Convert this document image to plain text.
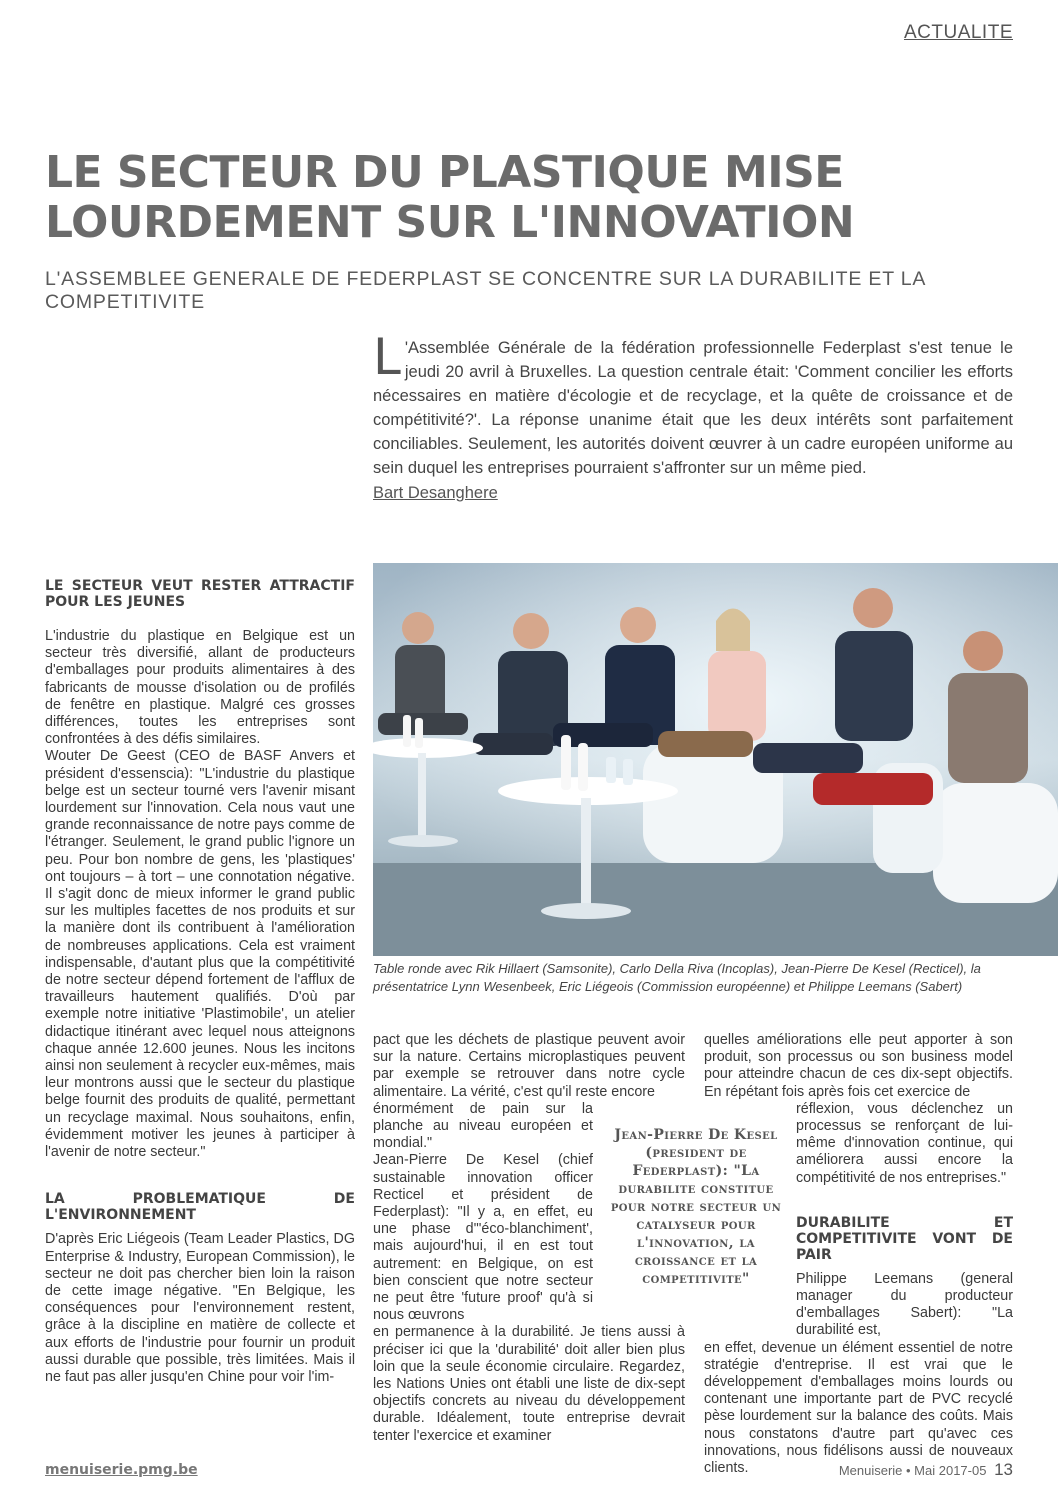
ACTUALITE
LE SECTEUR DU PLASTIQUE MISE LOURDEMENT SUR L'INNOVATION
L'ASSEMBLEE GENERALE DE FEDERPLAST SE CONCENTRE SUR LA DURABILITE ET LA COMPETITIVITE

L 'Assemblée Générale de la fédération professionnelle Federplast s'est tenue le jeudi 20 avril à Bruxelles. La question centrale était: 'Comment concilier les efforts nécessaires en matière d'écologie et de recyclage, et la quête de croissance et de compétitivité?'. La réponse unanime était que les deux intérêts sont parfaitement conciliables. Seulement, les autorités doivent œuvrer à un cadre européen uniforme au sein duquel les entreprises pourraient s'affronter sur un même pied.

Bart Desanghere
LE SECTEUR VEUT RESTER ATTRACTIF POUR LES JEUNES

L'industrie du plastique en Belgique est un secteur très diversifié, allant de producteurs d'emballages pour produits alimentaires à des fabricants de mousse d'isolation ou de profilés de fenêtre en plastique. Malgré ces grosses différences, toutes les entreprises sont confrontées à des défis similaires.

Wouter De Geest (CEO de BASF Anvers et président d'essenscia): "L'industrie du plastique belge est un secteur tourné vers l'avenir misant lourdement sur l'innovation. Cela nous vaut une grande reconnaissance de notre pays comme de l'étranger. Seulement, le grand public l'ignore un peu. Pour bon nombre de gens, les 'plastiques' ont toujours – à tort – une connotation négative. Il s'agit donc de mieux informer le grand public sur les multiples facettes de nos produits et sur la manière dont ils contribuent à l'amélioration de nombreuses applications. Cela est vraiment indispensable, d'autant plus que la compétitivité de notre secteur dépend fortement de l'afflux de travailleurs hautement qualifiés. D'où par exemple notre initiative 'Plastimobile', un atelier didactique itinérant avec lequel nous atteignons chaque année 12.600 jeunes. Nous les incitons ainsi non seulement à recycler eux-mêmes, mais leur montrons aussi que le secteur du plastique belge fournit des produits de qualité, permettant un recyclage maximal. Nous souhaitons, enfin, évidemment motiver les jeunes à participer à l'avenir de notre secteur."

LA PROBLEMATIQUE DE L'ENVIRONNEMENT

D'après Eric Liégeois (Team Leader Plastics, DG Enterprise & Industry, European Commission), le secteur ne doit pas chercher bien loin la raison de cette image négative. "En Belgique, les conséquences pour l'environnement restent, grâce à la discipline en matière de collecte et aux efforts de l'industrie pour fournir un produit aussi durable que possible, très limitées. Mais il ne faut pas aller jusqu'en Chine pour voir l'im-

Table ronde avec Rik Hillaert (Samsonite), Carlo Della Riva (Incoplas), Jean-Pierre De Kesel (Recticel), la présentatrice Lynn Wesenbeek, Eric Liégeois (Commission européenne) et Philippe Leemans (Sabert)

pact que les déchets de plastique peuvent avoir sur la nature. Certains microplastiques peuvent par exemple se retrouver dans notre cycle alimentaire. La vérité, c'est qu'il reste encore

énormément de pain sur la planche au niveau européen et mondial."

Jean-Pierre De Kesel (chief sustainable innovation officer Recticel et président de Federplast): "Il y a, en effet, eu une phase d'"éco-blanchiment', mais aujourd'hui, il en est tout autrement: en Belgique, on est bien conscient que notre secteur ne peut être 'future proof' qu'à si nous œuvrons

en permanence à la durabilité. Je tiens aussi à préciser ici que la 'durabilité' doit aller bien plus loin que la seule économie circulaire. Regardez, les Nations Unies ont établi une liste de dix-sept objectifs concrets au niveau du développement durable. Idéalement, toute entreprise devrait tenter l'exercice et examiner

Jean-Pierre De Kesel (president de Federplast): "La durabilite constitue pour notre secteur un catalyseur pour l'innovation, la croissance et la competitivite"

quelles améliorations elle peut apporter à son produit, son processus ou son business model pour atteindre chacun de ces dix-sept objectifs. En répétant fois après fois cet exercice de

réflexion, vous déclenchez un processus se renforçant de lui-même d'innovation continue, qui améliorera aussi encore la compétitivité de nos entreprises."

DURABILITE ET COMPETITIVITE VONT DE PAIR

Philippe Leemans (general manager du producteur d'emballages Sabert): "La durabilité est,

en effet, devenue un élément essentiel de notre stratégie d'entreprise. Il est vrai que le développement d'emballages moins lourds ou contenant une importante part de PVC recyclé pèse lourdement sur la balance des coûts. Mais nous constatons d'autre part qu'avec ces innovations, nous fidélisons aussi de nouveaux clients.

menuiserie.pmg.be	Menuiserie • Mai 2017-05 13
